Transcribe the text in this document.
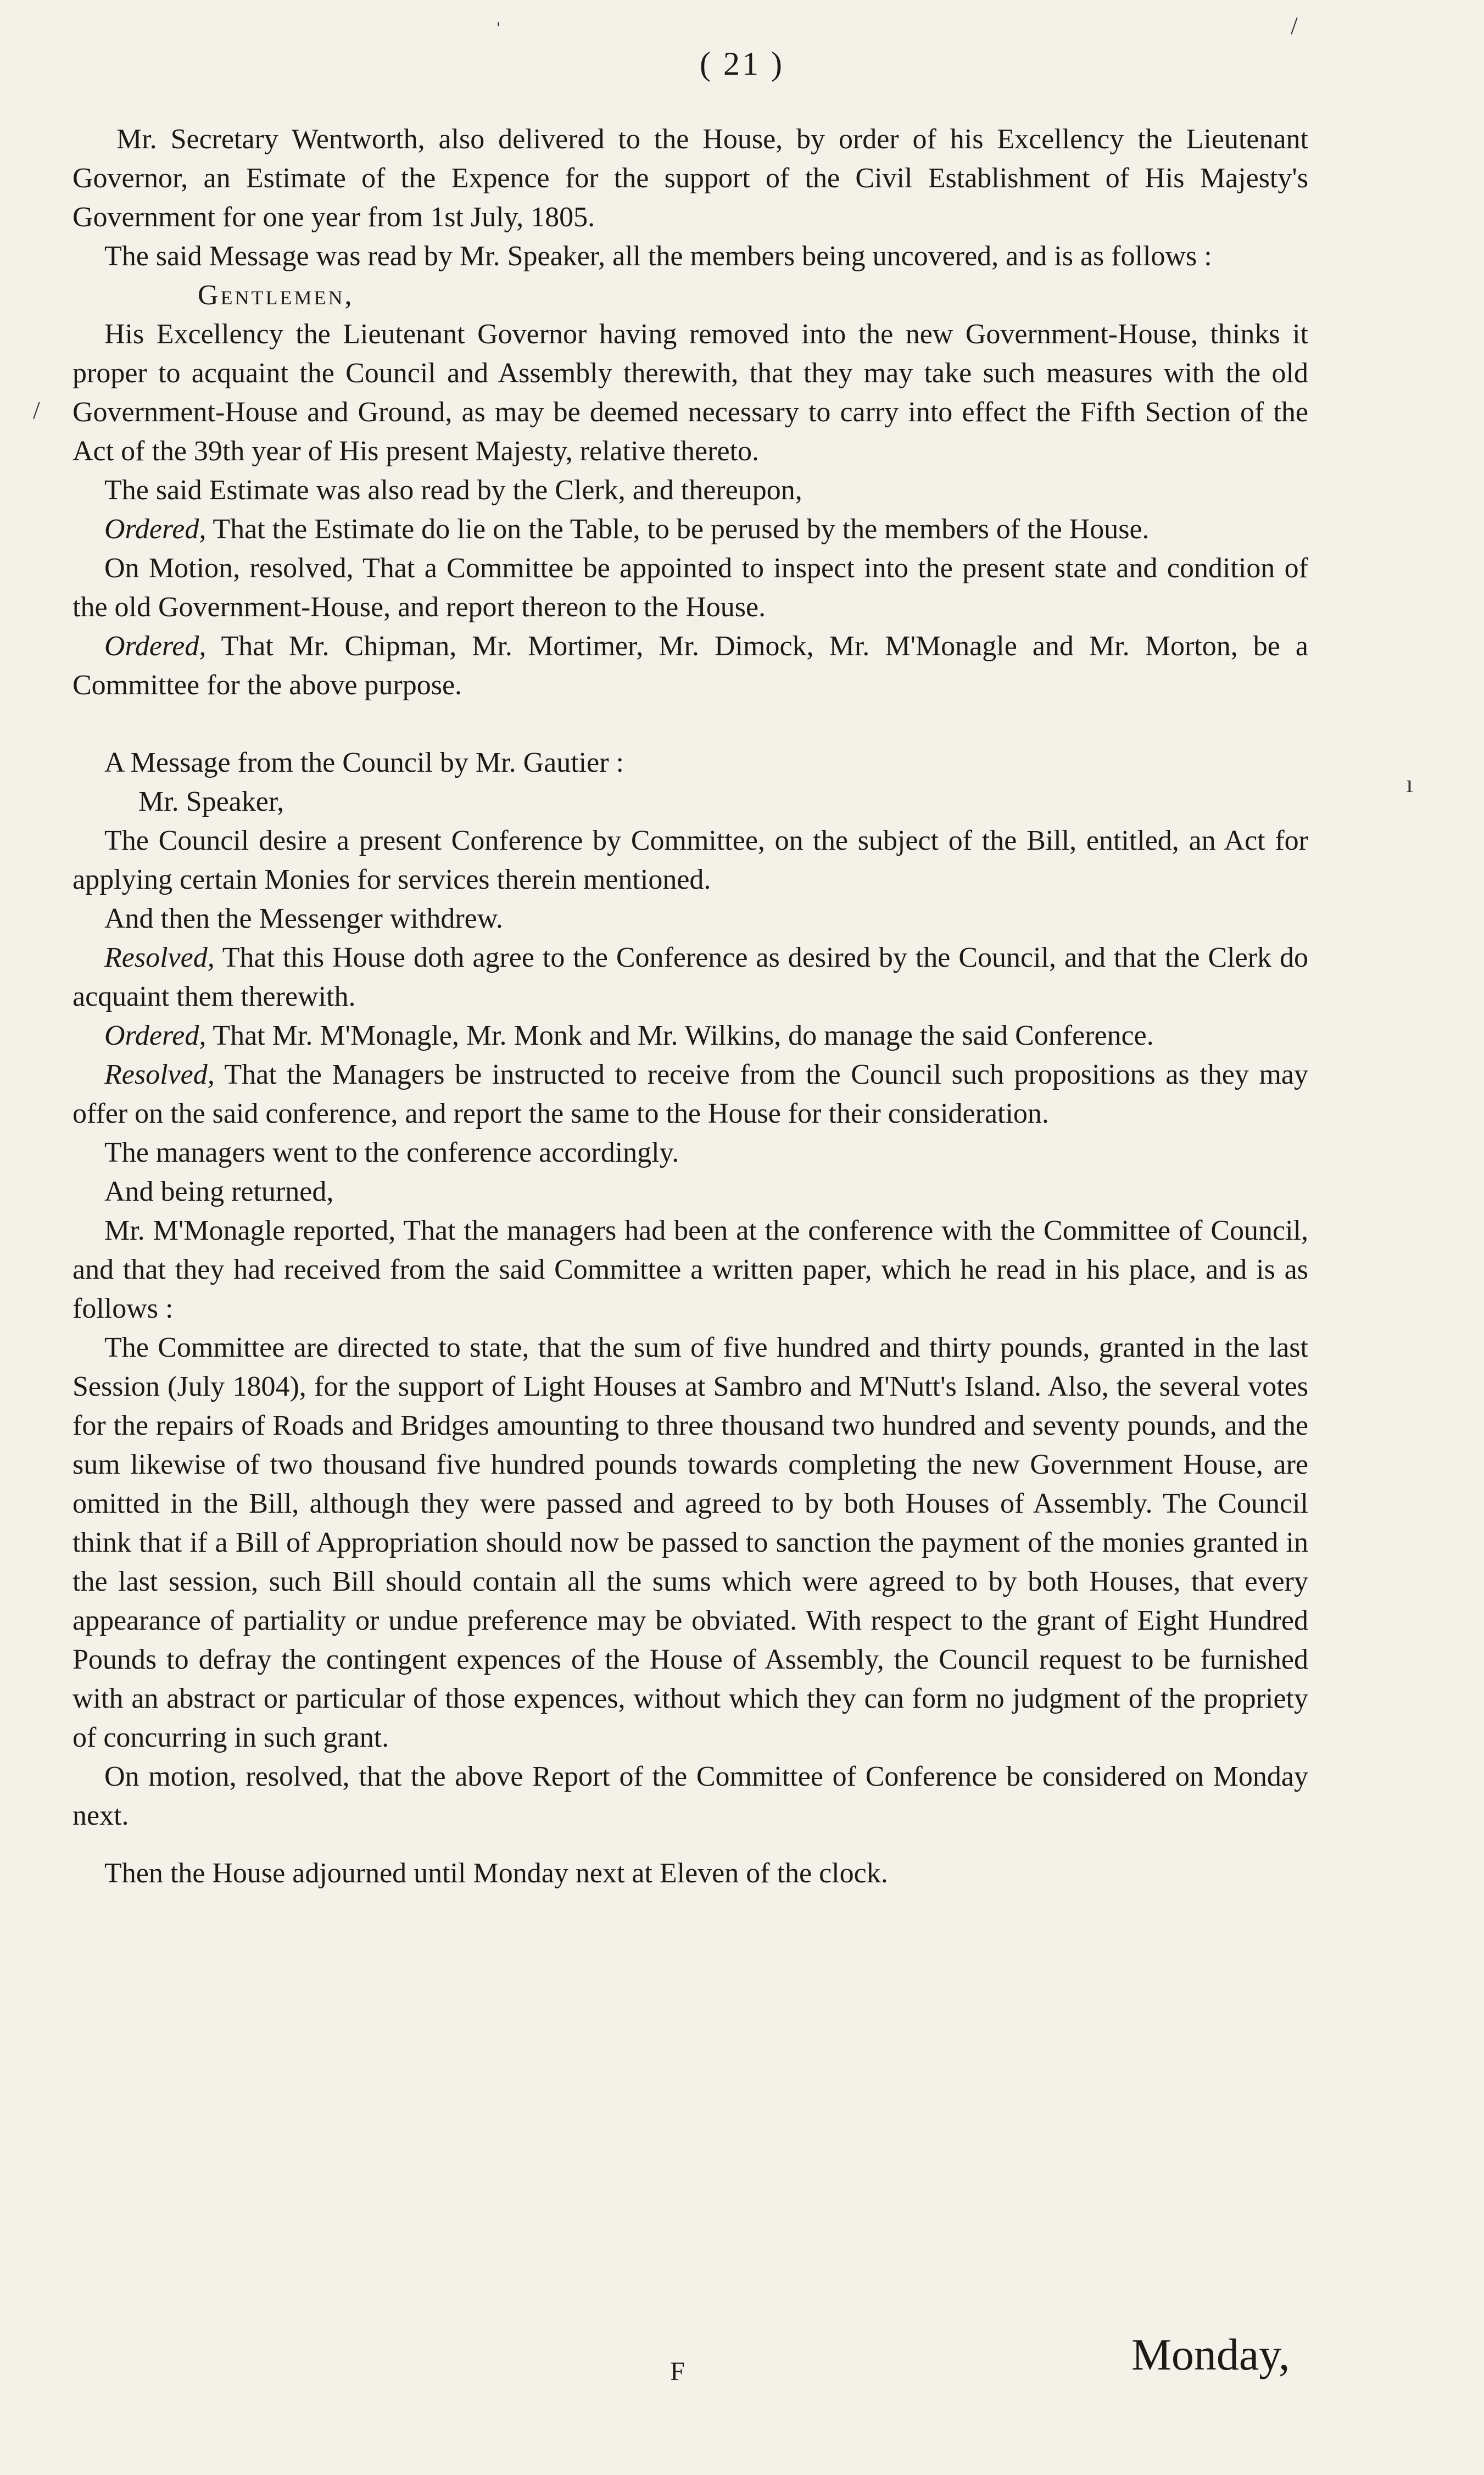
( 21 )

Mr. Secretary Wentworth, also delivered to the House, by order of his Excellency the Lieutenant Governor, an Estimate of the Expence for the support of the Civil Establishment of His Majesty's Government for one year from 1st July, 1805.

The said Message was read by Mr. Speaker, all the members being uncovered, and is as follows :

Gentlemen,

His Excellency the Lieutenant Governor having removed into the new Government-House, thinks it proper to acquaint the Council and Assembly therewith, that they may take such measures with the old Government-House and Ground, as may be deemed necessary to carry into effect the Fifth Section of the Act of the 39th year of His present Majesty, relative thereto.

The said Estimate was also read by the Clerk, and thereupon,

Ordered, That the Estimate do lie on the Table, to be perused by the members of the House.

On Motion, resolved, That a Committee be appointed to inspect into the present state and condition of the old Government-House, and report thereon to the House.

Ordered, That Mr. Chipman, Mr. Mortimer, Mr. Dimock, Mr. M'Monagle and Mr. Morton, be a Committee for the above purpose.

A Message from the Council by Mr. Gautier :

Mr. Speaker,

The Council desire a present Conference by Committee, on the subject of the Bill, entitled, an Act for applying certain Monies for services therein mentioned.

And then the Messenger withdrew.

Resolved, That this House doth agree to the Conference as desired by the Council, and that the Clerk do acquaint them therewith.

Ordered, That Mr. M'Monagle, Mr. Monk and Mr. Wilkins, do manage the said Conference.

Resolved, That the Managers be instructed to receive from the Council such propositions as they may offer on the said conference, and report the same to the House for their consideration.

The managers went to the conference accordingly.

And being returned,

Mr. M'Monagle reported, That the managers had been at the conference with the Committee of Council, and that they had received from the said Committee a written paper, which he read in his place, and is as follows :

The Committee are directed to state, that the sum of five hundred and thirty pounds, granted in the last Session (July 1804), for the support of Light Houses at Sambro and M'Nutt's Island. Also, the several votes for the repairs of Roads and Bridges amounting to three thousand two hundred and seventy pounds, and the sum likewise of two thousand five hundred pounds towards completing the new Government House, are omitted in the Bill, although they were passed and agreed to by both Houses of Assembly. The Council think that if a Bill of Appropriation should now be passed to sanction the payment of the monies granted in the last session, such Bill should contain all the sums which were agreed to by both Houses, that every appearance of partiality or undue preference may be obviated. With respect to the grant of Eight Hundred Pounds to defray the contingent expences of the House of Assembly, the Council request to be furnished with an abstract or particular of those expences, without which they can form no judgment of the propriety of concurring in such grant.

On motion, resolved, that the above Report of the Committee of Conference be considered on Monday next.

Then the House adjourned until Monday next at Eleven of the clock.

F	Monday,
ˈ	/
/
ı
